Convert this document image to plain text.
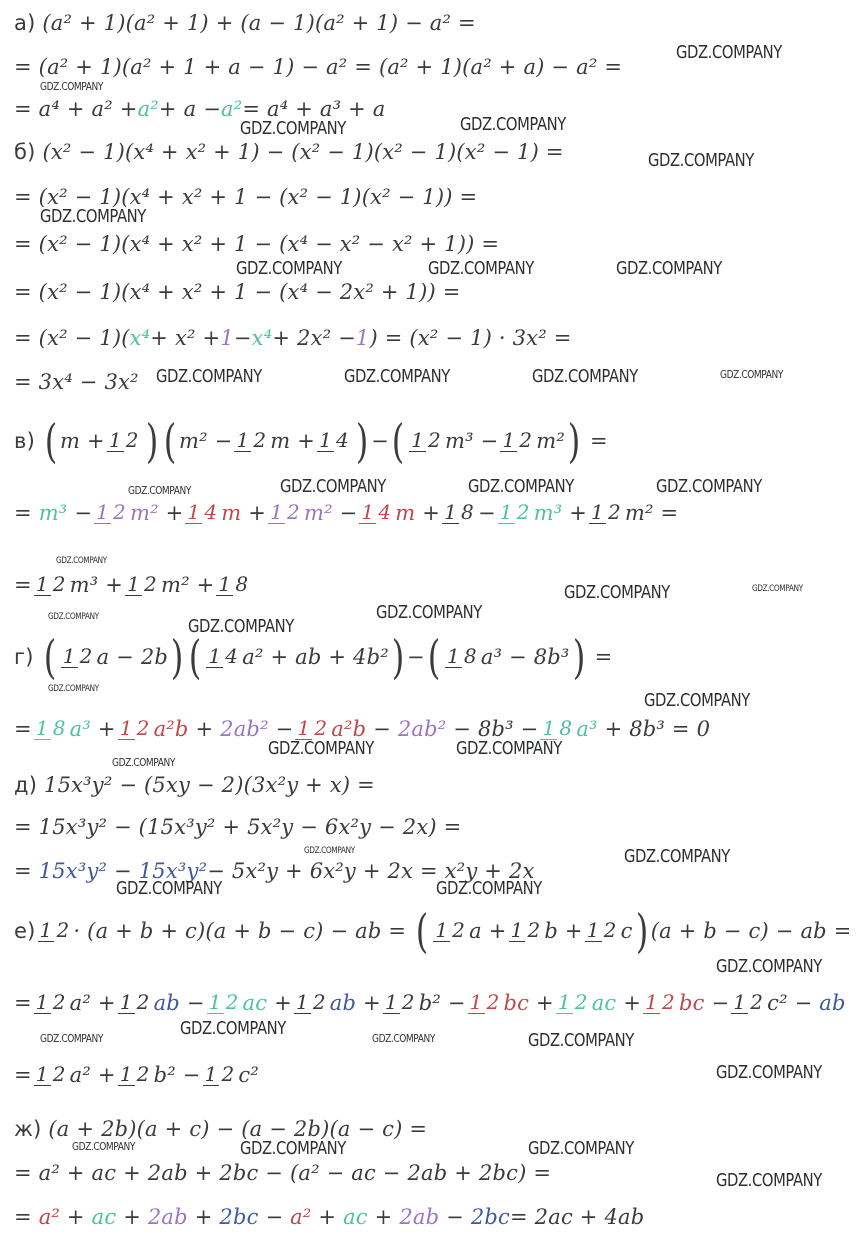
а)
(a² + 1)(a² + 1) + (a − 1)(a² + 1) − a² =
= (a² + 1)(a² + 1 + a − 1) − a² = (a² + 1)(a² + a) − a² =
= a⁴ + a² + a² + a − a² = a⁴ + a³ + a
б)
(x² − 1)(x⁴ + x² + 1) − (x² − 1)(x² − 1)(x² − 1) =
= (x² − 1)(x⁴ + x² + 1 − (x² − 1)(x² − 1)) =
= (x² − 1)(x⁴ + x² + 1 − (x⁴ − x² − x² + 1)) =
= (x² − 1)(x⁴ + x² + 1 − (x⁴ − 2x² + 1)) =
= (x² − 1)( x⁴ + x² + 1 − x⁴ + 2x² − 1 ) = (x² − 1) · 3x² =
= 3x⁴ − 3x²
в)
( m + 1 2 ) ( m² − 1 2 m + 1 4 ) − ( 1 2 m³ − 1 2 m² )
=
=
m³
− 1 2 m²
+ 1 4 m
+ 1 2 m²
− 1 4 m
+ 1 8 − 1 2 m³
+ 1 2 m²
=
= 1 2 m³
+ 1 2 m²
+ 1 8
г)
( 1 2 a − 2b ) ( 1 4 a² + ab + 4b² ) − ( 1 8 a³ − 8b³ )
=
= 1 8 a³
+ 1 2 a²b
+
2ab²
− 1 2 a²b
−
2ab²
−
8b³
− 1 8 a³
+ 8b³ = 0
д)
15x³y² − (5xy − 2)(3x²y + x) =
= 15x³y² − (15x³y² + 5x²y − 6x²y − 2x) =
=
15x³y²
−
15x³y² − 5x²y + 6x²y + 2x = x²y + 2x
е) 1 2 ·
(a + b + c)(a + b − c) − ab =
( 1 2 a + 1 2 b + 1 2 c ) (a + b − c) − ab =
= 1 2 a²
+ 1 2 ab
− 1 2 ac
+ 1 2 ab
+ 1 2 b²
− 1 2 bc
+ 1 2 ac
+ 1 2 bc
− 1 2 c²
−
ab
= 1 2 a²
+ 1 2 b²
− 1 2 c²
ж)
(a + 2b)(a + c) − (a − 2b)(a − c) =
= a² + ac + 2ab + 2bc − (a² − ac − 2ab + 2bc) =
=
a²
+
ac
+
2ab
+
2bc
−
a²
+
ac
+
2ab
−
2bc = 2ac + 4ab
GDZ.COMPANY
GDZ.COMPANY
GDZ.COMPANY	GDZ.COMPANY
GDZ.COMPANY
GDZ.COMPANY
GDZ.COMPANY	GDZ.COMPANY	GDZ.COMPANY
GDZ.COMPANY	GDZ.COMPANY	GDZ.COMPANY	GDZ.COMPANY
GDZ.COMPANY	GDZ.COMPANY	GDZ.COMPANY	GDZ.COMPANY
GDZ.COMPANY
GDZ.COMPANY	GDZ.COMPANY
GDZ.COMPANY	GDZ.COMPANY
GDZ.COMPANY
GDZ.COMPANY
GDZ.COMPANY
GDZ.COMPANY	GDZ.COMPANY
GDZ.COMPANY
GDZ.COMPANY	GDZ.COMPANY
GDZ.COMPANY	GDZ.COMPANY
GDZ.COMPANY
GDZ.COMPANY
GDZ.COMPANY	GDZ.COMPANY	GDZ.COMPANY
GDZ.COMPANY
GDZ.COMPANY	GDZ.COMPANY	GDZ.COMPANY
GDZ.COMPANY
